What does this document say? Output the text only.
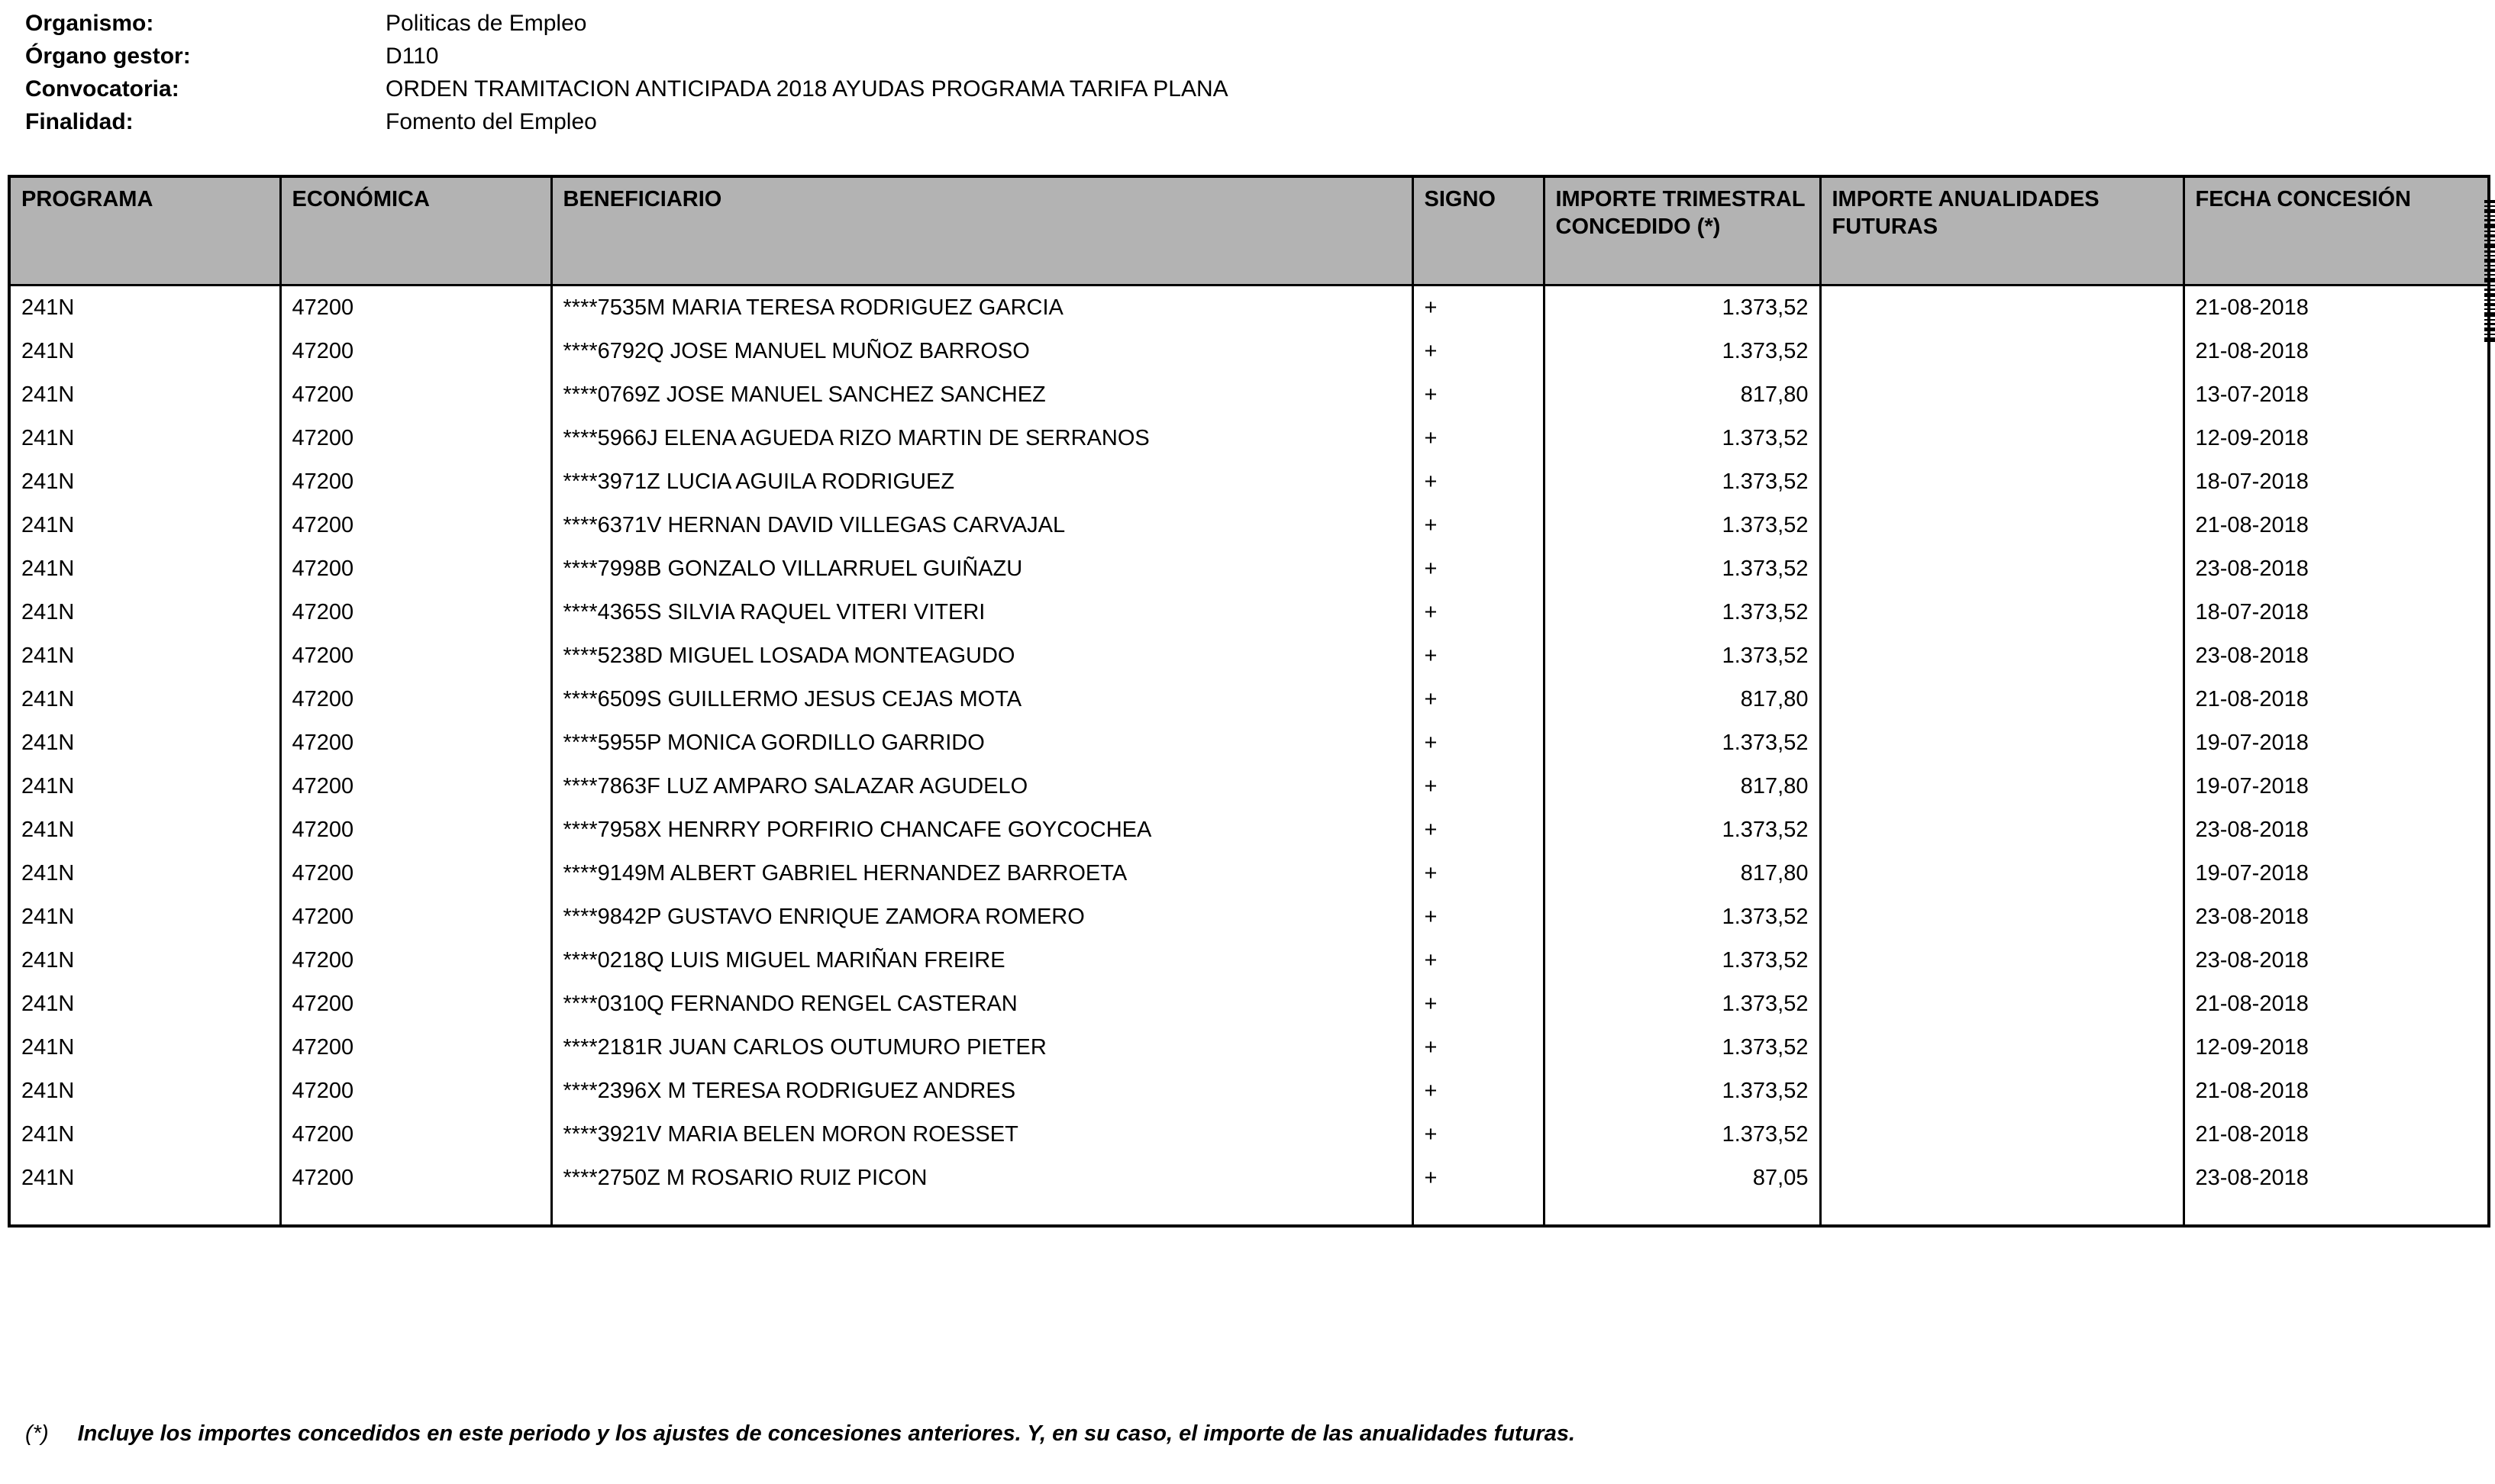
Organismo:	Politicas de Empleo
Órgano gestor:	D110
Convocatoria:	ORDEN TRAMITACION ANTICIPADA 2018 AYUDAS PROGRAMA TARIFA PLANA
Finalidad:	Fomento del Empleo
PROGRAMA	ECONÓMICA	BENEFICIARIO	SIGNO	IMPORTE TRIMESTRAL CONCEDIDO (*)	IMPORTE ANUALIDADES FUTURAS	FECHA CONCESIÓN
241N	47200	****7535M MARIA TERESA RODRIGUEZ GARCIA	+	1.373,52		21-08-2018
241N	47200	****6792Q JOSE MANUEL MUÑOZ BARROSO	+	1.373,52		21-08-2018
241N	47200	****0769Z JOSE MANUEL SANCHEZ SANCHEZ	+	817,80		13-07-2018
241N	47200	****5966J ELENA AGUEDA RIZO MARTIN DE SERRANOS	+	1.373,52		12-09-2018
241N	47200	****3971Z LUCIA AGUILA RODRIGUEZ	+	1.373,52		18-07-2018
241N	47200	****6371V HERNAN DAVID VILLEGAS CARVAJAL	+	1.373,52		21-08-2018
241N	47200	****7998B GONZALO VILLARRUEL GUIÑAZU	+	1.373,52		23-08-2018
241N	47200	****4365S SILVIA RAQUEL VITERI VITERI	+	1.373,52		18-07-2018
241N	47200	****5238D MIGUEL LOSADA MONTEAGUDO	+	1.373,52		23-08-2018
241N	47200	****6509S GUILLERMO JESUS CEJAS MOTA	+	817,80		21-08-2018
241N	47200	****5955P MONICA GORDILLO GARRIDO	+	1.373,52		19-07-2018
241N	47200	****7863F LUZ AMPARO SALAZAR AGUDELO	+	817,80		19-07-2018
241N	47200	****7958X HENRRY PORFIRIO CHANCAFE GOYCOCHEA	+	1.373,52		23-08-2018
241N	47200	****9149M ALBERT GABRIEL HERNANDEZ BARROETA	+	817,80		19-07-2018
241N	47200	****9842P GUSTAVO ENRIQUE ZAMORA ROMERO	+	1.373,52		23-08-2018
241N	47200	****0218Q LUIS MIGUEL MARIÑAN FREIRE	+	1.373,52		23-08-2018
241N	47200	****0310Q FERNANDO RENGEL CASTERAN	+	1.373,52		21-08-2018
241N	47200	****2181R JUAN CARLOS OUTUMURO PIETER	+	1.373,52		12-09-2018
241N	47200	****2396X M TERESA RODRIGUEZ ANDRES	+	1.373,52		21-08-2018
241N	47200	****3921V MARIA BELEN MORON ROESSET	+	1.373,52		21-08-2018
241N	47200	****2750Z M ROSARIO RUIZ PICON	+	87,05		23-08-2018

(*) Incluye los importes concedidos en este periodo y los ajustes de concesiones anteriores. Y, en su caso, el importe de las anualidades futuras.
